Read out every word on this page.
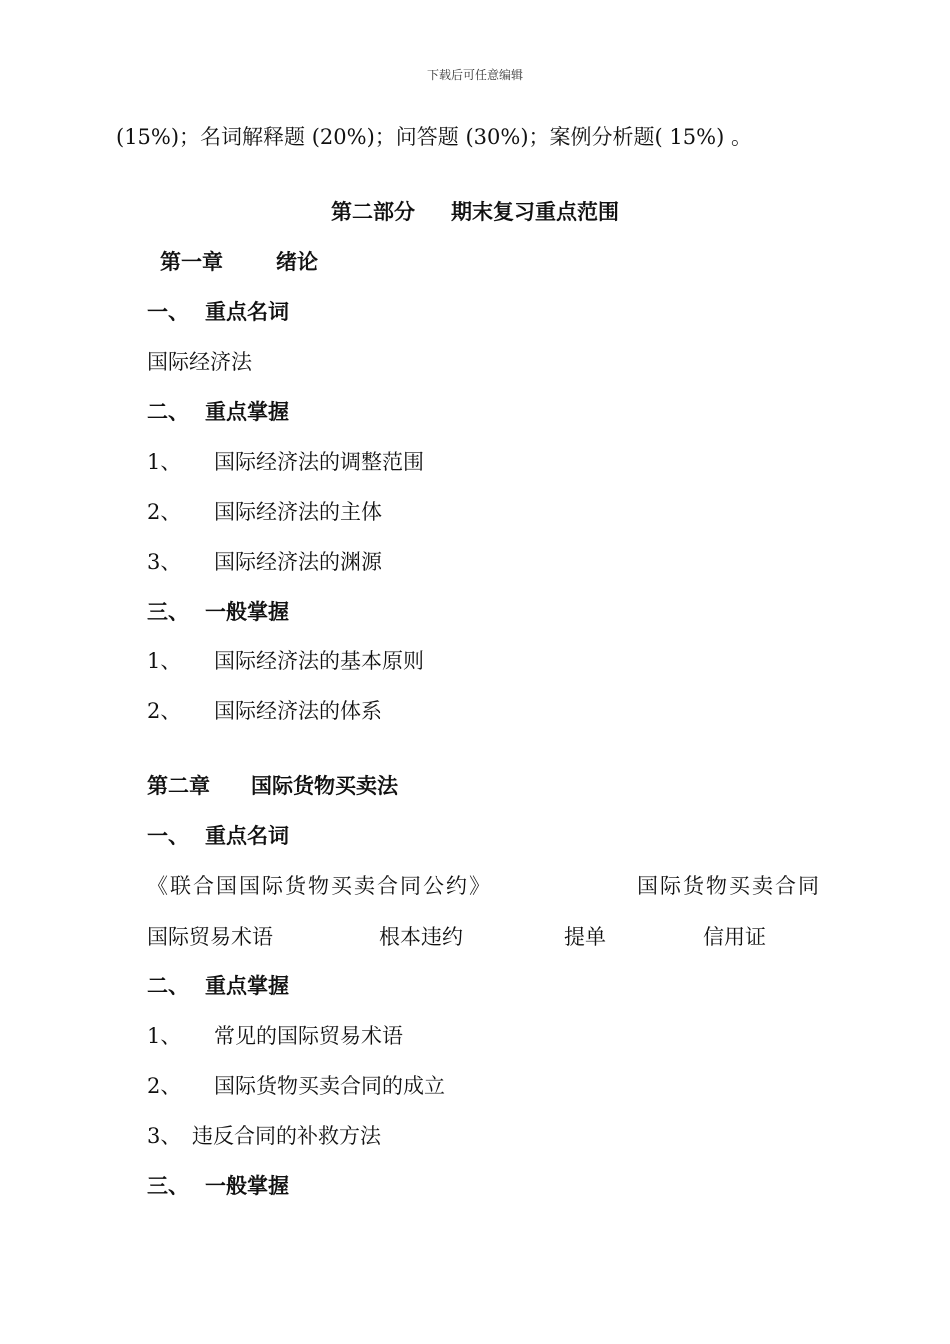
下载后可任意编辑
(15%)；名词解释题 (20%)；问答题 (30%)；案例分析题( 15%) 。
第二部分 期末复习重点范围
第一章	绪论
一、 重点名词
国际经济法
二、 重点掌握
1、 国际经济法的调整范围
2、 国际经济法的主体
3、 国际经济法的渊源
三、 一般掌握
1、 国际经济法的基本原则
2、 国际经济法的体系
第二章 国际货物买卖法
一、 重点名词
《联合国国际货物买卖合同公约》	国际货物买卖合同
国际贸易术语	根本违约	提单	信用证
二、 重点掌握
1、 常见的国际贸易术语
2、 国际货物买卖合同的成立
3、 违反合同的补救方法
三、 一般掌握
